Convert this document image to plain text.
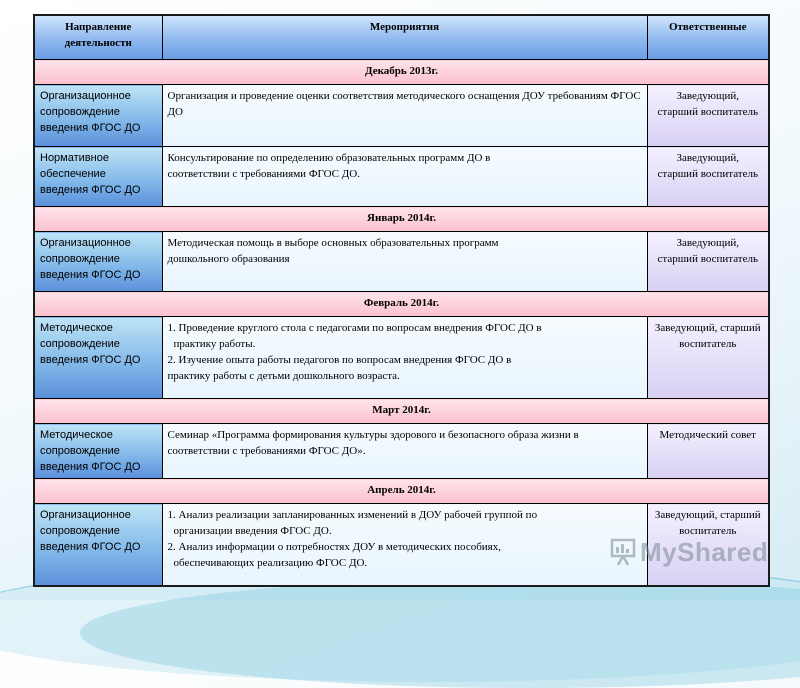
Направление деятельности	Мероприятия	Ответственные
Декабрь 2013г.		
Организационное сопровождение введения ФГОС ДО	Организация и проведение оценки соответствия методического оснащения ДОУ требованиям ФГОС ДО	Заведующий,
старший воспитатель

Нормативное обеспечение введения ФГОС ДО	Консультирование по определению образовательных программ ДО в
соответствии с требованиями ФГОС ДО.	Заведующий,
старший воспитатель

Январь 2014г.		
Организационное сопровождение введения ФГОС ДО	Методическая помощь в выборе основных образовательных программ
дошкольного образования	Заведующий,
старший воспитатель

Февраль 2014г.		
Методическое сопровождение введения ФГОС ДО	1. Проведение круглого стола с педагогами по вопросам внедрения ФГОС ДО в
практику работы.
2. Изучение опыта работы педагогов по вопросам внедрения ФГОС ДО в
практику работы с детьми дошкольного возраста.	Заведующий, старший воспитатель
Март 2014г.		
Методическое сопровождение введения ФГОС ДО	Семинар «Программа формирования культуры здорового и безопасного образа жизни в соответствии с требованиями ФГОС ДО».	Методический совет
Апрель 2014г.		
Организационное сопровождение введения ФГОС ДО	1. Анализ реализации запланированных изменений в ДОУ рабочей группой по
организации введения ФГОС ДО.
2. Анализ информации о потребностях ДОУ в методических пособиях,
обеспечивающих реализацию ФГОС ДО.	Заведующий, старший воспитатель
MyShared
